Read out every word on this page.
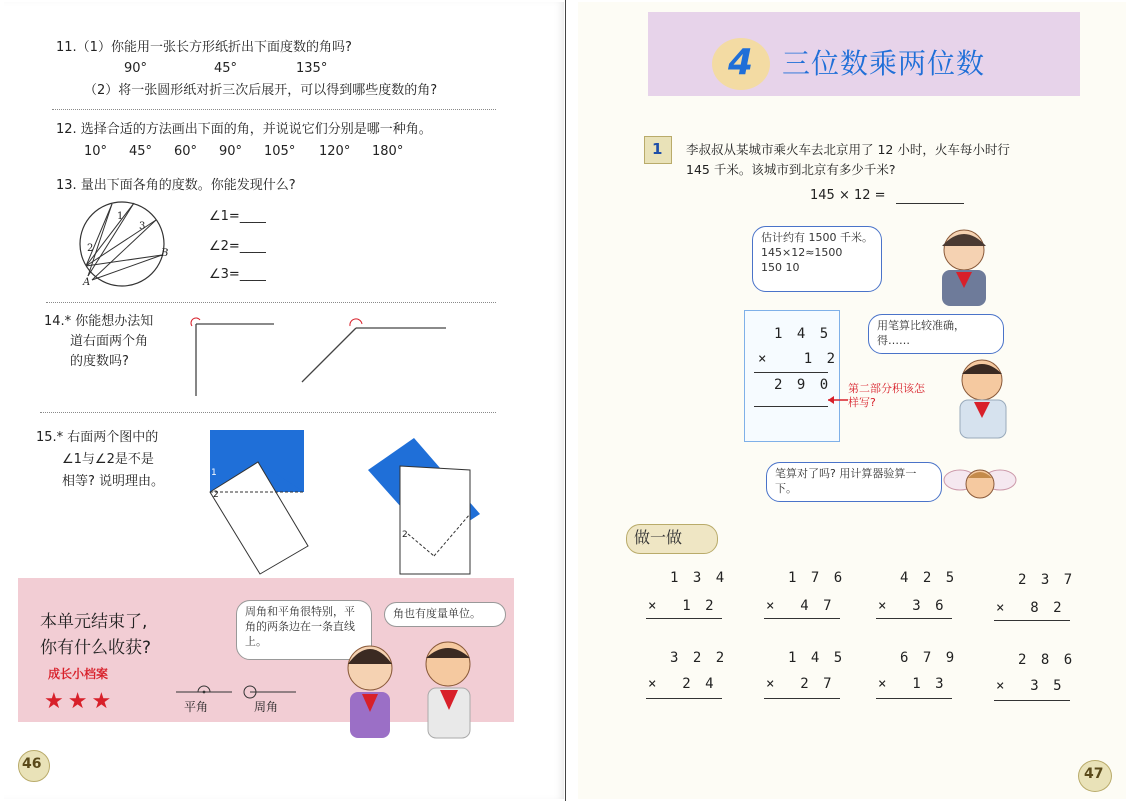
11.（1）你能用一张长方形纸折出下面度数的角吗?
90°	45°	135°
（2）将一张圆形纸对折三次后展开，可以得到哪些度数的角?
12. 选择合适的方法画出下面的角，并说说它们分别是哪一种角。
10° 45° 60° 90° 105° 120° 180°
13. 量出下面各角的度数。你能发现什么?
1
3
2	B
A
∠1=____
∠2=____
∠3=____
14.* 你能想办法知
道右面两个角
的度数吗?
15.* 右面两个图中的
∠1与∠2是不是
相等? 说明理由。
1
2	1
2
本单元结束了,
你有什么收获?
成长小档案
★★★
周角和平角很特别，平角的两条边在一条直线上。
角也有度量单位。
平角	周角
46
4 三位数乘两位数
1 李叔叔从某城市乘火车去北京用了 12 小时，火车每小时行
145 千米。该城市到北京有多少千米?
145 × 12 =
估计约有 1500 千米。
145×12≈1500
150 10
1 4 5
×   1 2
2 9 0 第二部分积该怎样写?
用笔算比较准确，得……
笔算对了吗? 用计算器验算一下。
做一做
1 3 4
×  1 2
1 7 6
×  4 7
4 2 5
×  3 6
2 3 7
×  8 2
3 2 2
×  2 4
1 4 5
×  2 7
6 7 9
×  1 3
2 8 6
×  3 5
47
